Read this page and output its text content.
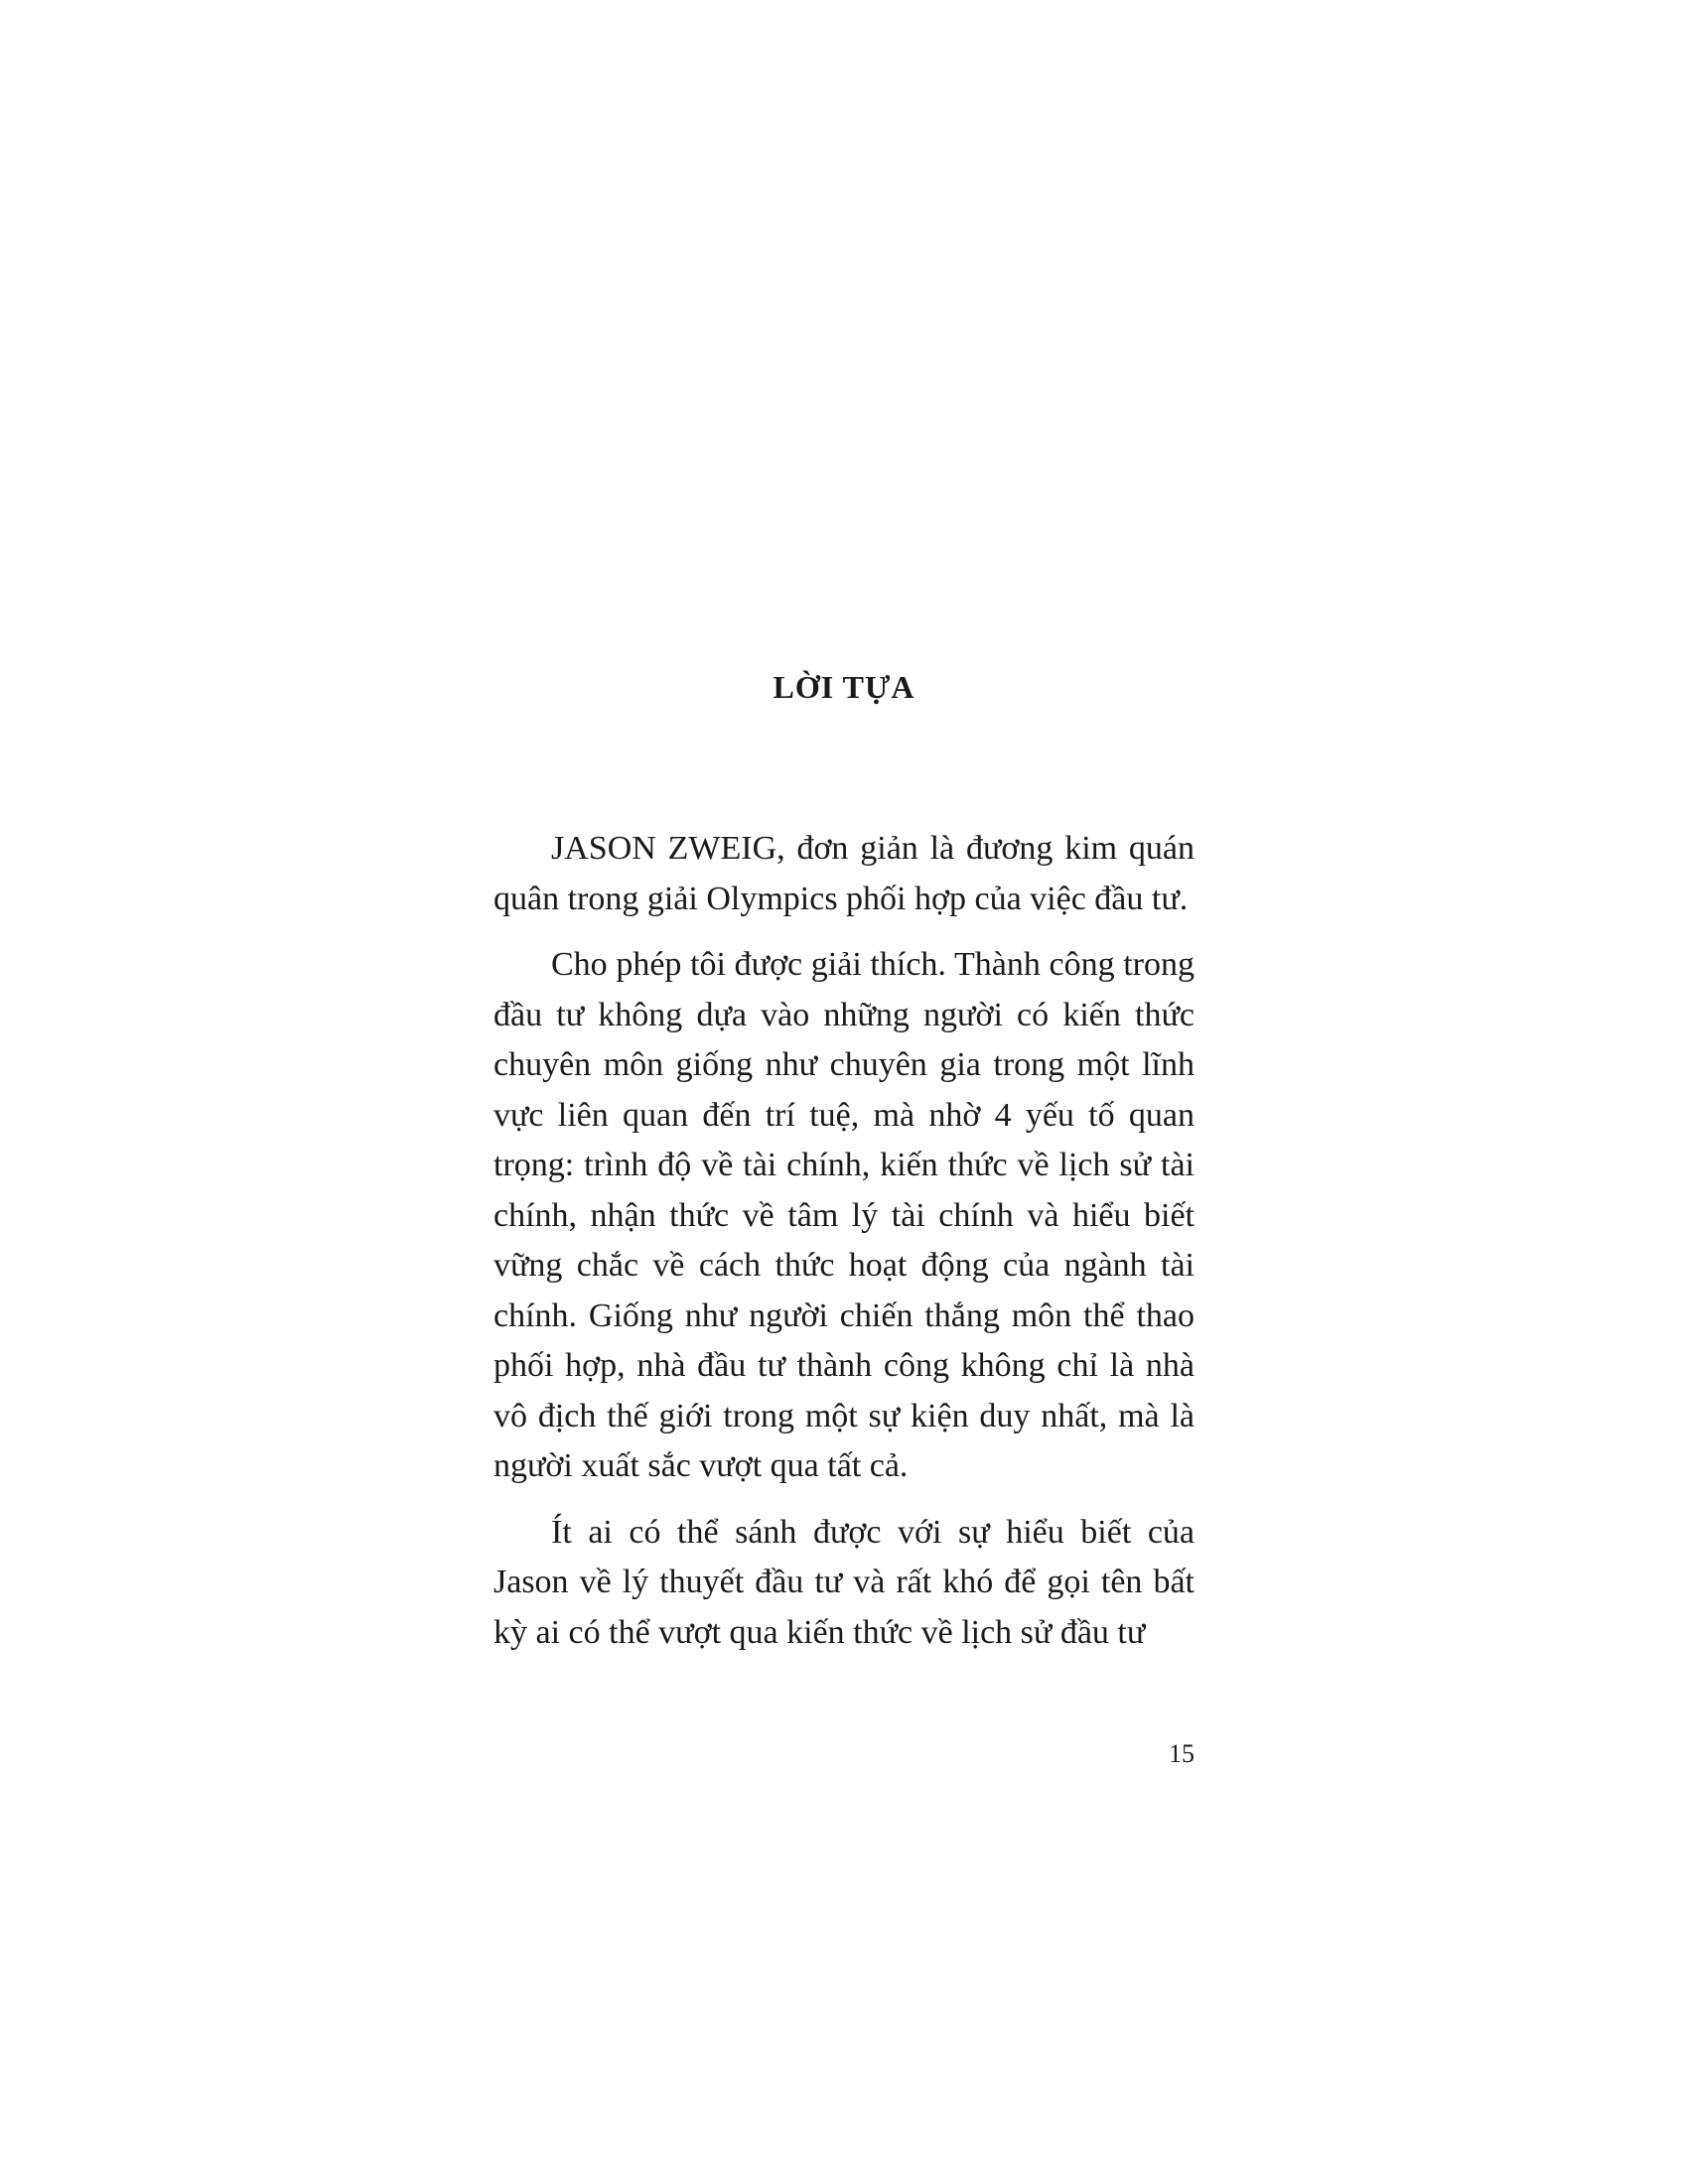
LỜI TỰA

JASON ZWEIG, đơn giản là đương kim quán quân trong giải Olympics phối hợp của việc đầu tư.

Cho phép tôi được giải thích. Thành công trong đầu tư không dựa vào những người có kiến thức chuyên môn giống như chuyên gia trong một lĩnh vực liên quan đến trí tuệ, mà nhờ 4 yếu tố quan trọng: trình độ về tài chính, kiến thức về lịch sử tài chính, nhận thức về tâm lý tài chính và hiểu biết vững chắc về cách thức hoạt động của ngành tài chính. Giống như người chiến thắng môn thể thao phối hợp, nhà đầu tư thành công không chỉ là nhà vô địch thế giới trong một sự kiện duy nhất, mà là người xuất sắc vượt qua tất cả.

Ít ai có thể sánh được với sự hiểu biết của Jason về lý thuyết đầu tư và rất khó để gọi tên bất kỳ ai có thể vượt qua kiến thức về lịch sử đầu tư

15
